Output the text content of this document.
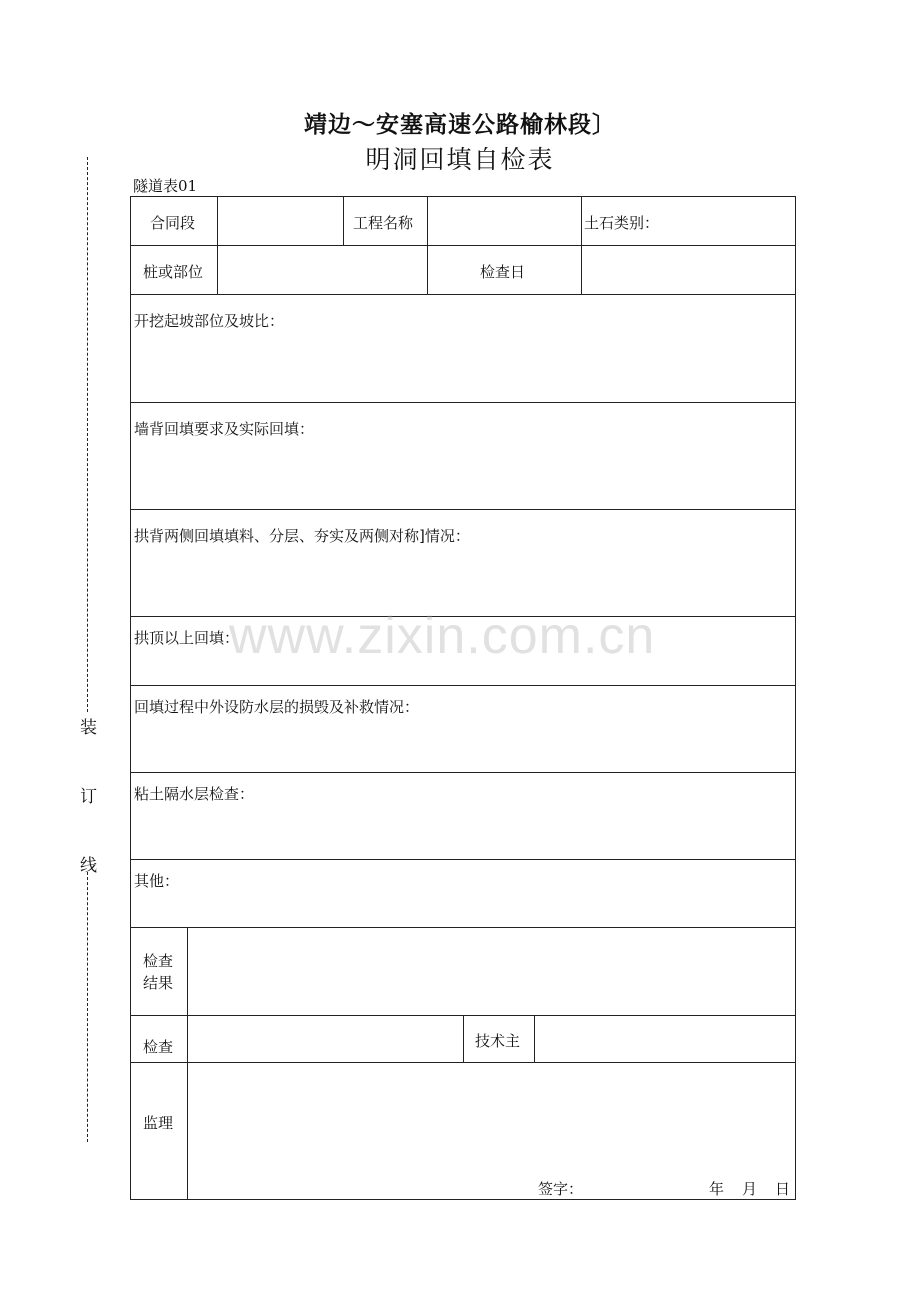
靖边～安塞高速公路榆林段〕
明洞回填自检表
隧道表01
装
订
线
合同段	工程名称	土石类别：
桩或部位	检查日
开挖起坡部位及坡比：
墙背回填要求及实际回填：
拱背两侧回填填料、分层、夯实及两侧对称]情况：
拱顶以上回填：
回填过程中外设防水层的损毁及补救情况：
粘土隔水层检查：
其他：
检查
结果
检查	技术主
监理
签字：	年 月 日
www.zixin.com.cn
